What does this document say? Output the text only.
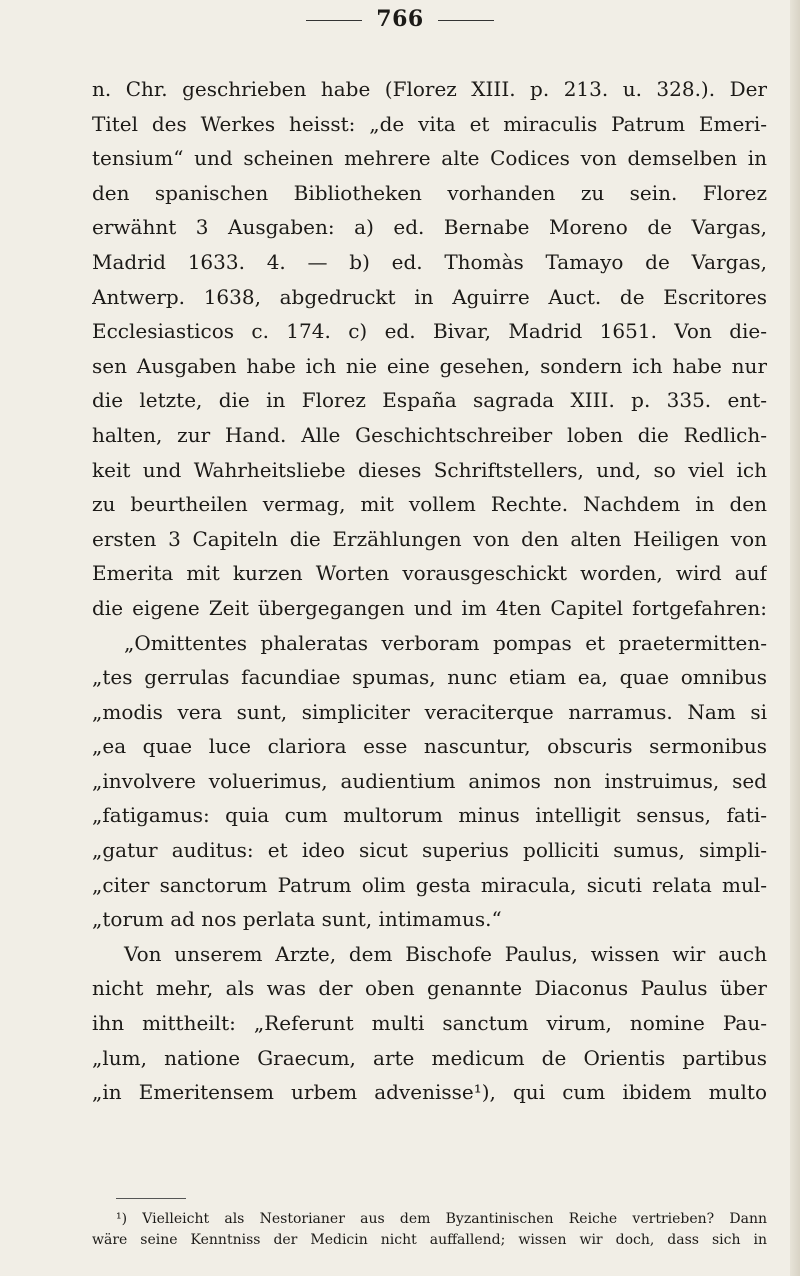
766
n. Chr. geschrieben habe (Florez XIII. p. 213. u. 328.). Der
Titel des Werkes heisst: „de vita et miraculis Patrum Emeri-
tensium“ und scheinen mehrere alte Codices von demselben in
den spanischen Bibliotheken vorhanden zu sein. Florez
erwähnt 3 Ausgaben: a) ed. Bernabe Moreno de Vargas,
Madrid 1633. 4. — b) ed. Thomàs Tamayo de Vargas,
Antwerp. 1638, abgedruckt in Aguirre Auct. de Escritores
Ecclesiasticos c. 174. c) ed. Bivar, Madrid 1651. Von die-
sen Ausgaben habe ich nie eine gesehen, sondern ich habe nur
die letzte, die in Florez España sagrada XIII. p. 335. ent-
halten, zur Hand. Alle Geschichtschreiber loben die Redlich-
keit und Wahrheitsliebe dieses Schriftstellers, und, so viel ich
zu beurtheilen vermag, mit vollem Rechte. Nachdem in den
ersten 3 Capiteln die Erzählungen von den alten Heiligen von
Emerita mit kurzen Worten vorausgeschickt worden, wird auf
die eigene Zeit übergegangen und im 4ten Capitel fortgefahren:
„Omittentes phaleratas verboram pompas et praetermitten-
„tes gerrulas facundiae spumas, nunc etiam ea, quae omnibus
„modis vera sunt, simpliciter veraciterque narramus. Nam si
„ea quae luce clariora esse nascuntur, obscuris sermonibus
„involvere voluerimus, audientium animos non instruimus, sed
„fatigamus: quia cum multorum minus intelligit sensus, fati-
„gatur auditus: et ideo sicut superius polliciti sumus, simpli-
„citer sanctorum Patrum olim gesta miracula, sicuti relata mul-
„torum ad nos perlata sunt, intimamus.“
Von unserem Arzte, dem Bischofe Paulus, wissen wir auch
nicht mehr, als was der oben genannte Diaconus Paulus über
ihn mittheilt: „Referunt multi sanctum virum, nomine Pau-
„lum, natione Graecum, arte medicum de Orientis partibus
„in Emeritensem urbem advenisse¹), qui cum ibidem multo
¹) Vielleicht als Nestorianer aus dem Byzantinischen Reiche vertrieben? Dann
wäre seine Kenntniss der Medicin nicht auffallend; wissen wir doch, dass sich in
